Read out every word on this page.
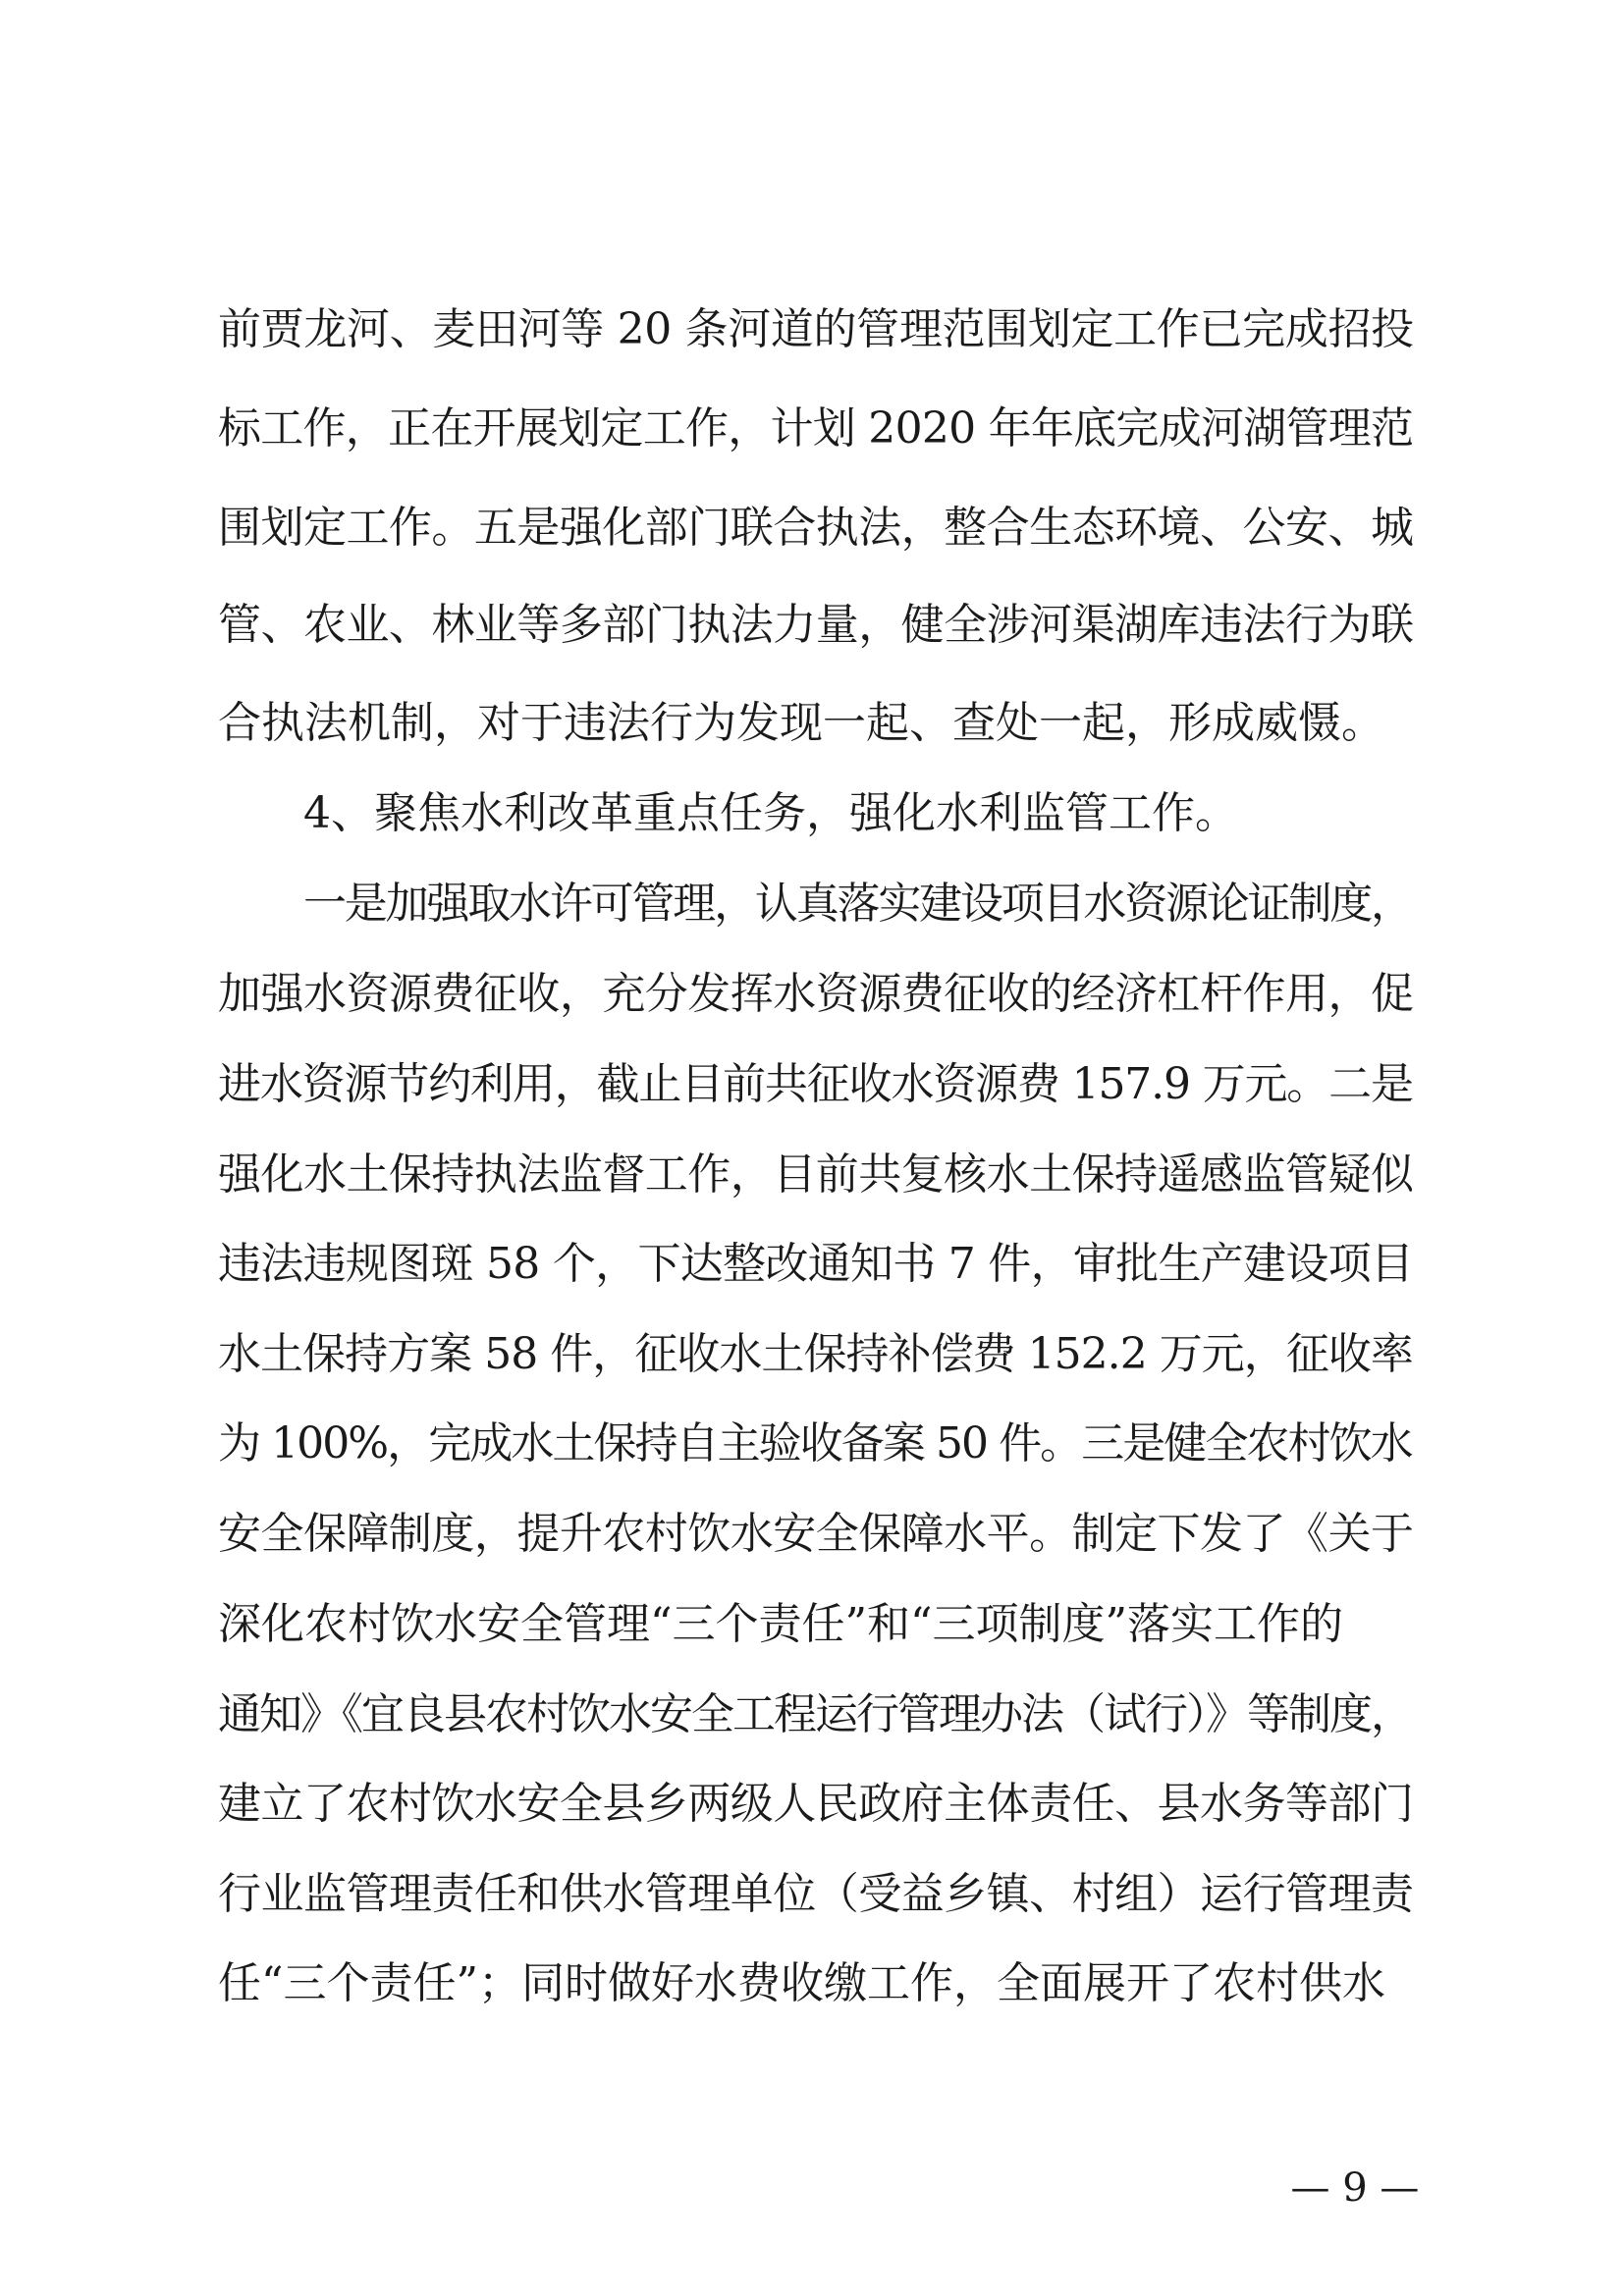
前贾龙河、麦田河等 20 条河道的管理范围划定工作已完成招投
标工作，正在开展划定工作，计划 2020 年年底完成河湖管理范
围划定工作。五是强化部门联合执法，整合生态环境、公安、城
管、农业、林业等多部门执法力量，健全涉河渠湖库违法行为联
合执法机制，对于违法行为发现一起、查处一起，形成威慑。
4、聚焦水利改革重点任务，强化水利监管工作。
一是加强取水许可管理，认真落实建设项目水资源论证制度，
加强水资源费征收，充分发挥水资源费征收的经济杠杆作用，促
进水资源节约利用，截止目前共征收水资源费 157.9 万元。二是
强化水土保持执法监督工作，目前共复核水土保持遥感监管疑似
违法违规图斑 58 个，下达整改通知书 7 件，审批生产建设项目
水土保持方案 58 件，征收水土保持补偿费 152.2 万元，征收率
为 100%，完成水土保持自主验收备案 50 件。三是健全农村饮水
安全保障制度，提升农村饮水安全保障水平。制定下发了《关于
深化农村饮水安全管理“三个责任”和“三项制度”落实工作的
通知》《宜良县农村饮水安全工程运行管理办法（试行）》等制度，
建立了农村饮水安全县乡两级人民政府主体责任、县水务等部门
行业监管理责任和供水管理单位（受益乡镇、村组）运行管理责
任“三个责任”；同时做好水费收缴工作，全面展开了农村供水
— 9 —
